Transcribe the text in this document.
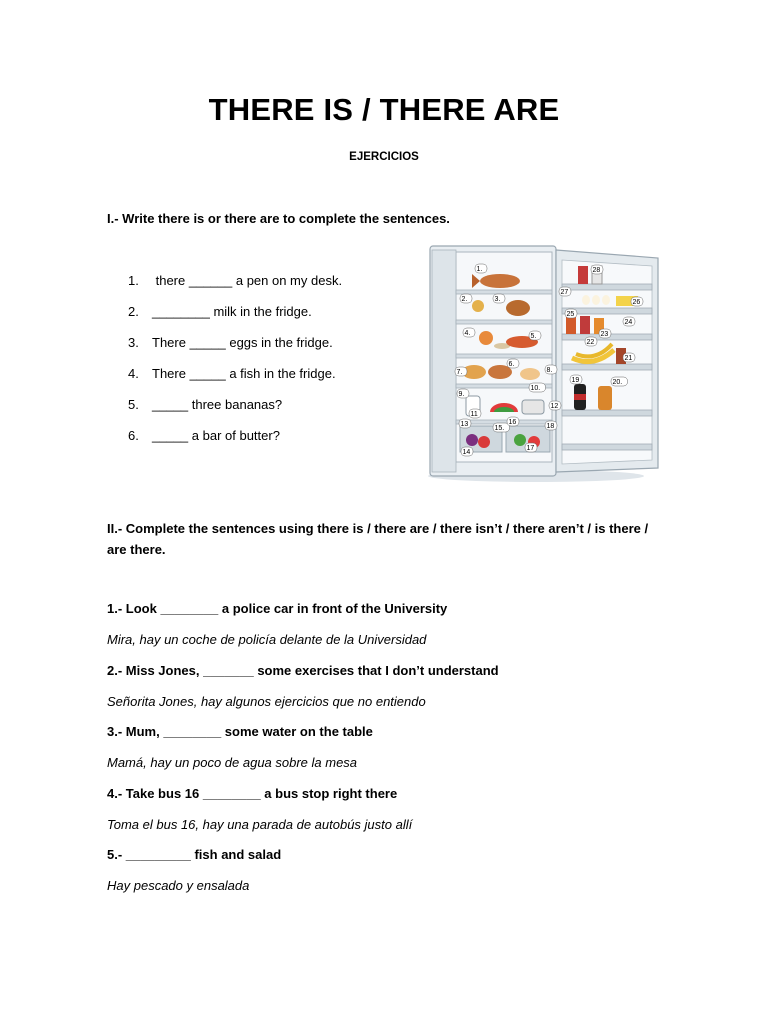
THERE IS / THERE ARE
EJERCICIOS
I.- Write there is or there are to complete the sentences.
1. there ______ a pen on my desk.
2. ________ milk in the fridge.
3. There _____ eggs in the fridge.
4. There _____ a fish in the fridge.
5. _____ three bananas?
6. _____ a bar of butter?
1.
2.	3.
4.	5.
6.
7.	8.
9.
10.
11
12
13
14
15.
16
17
18
19	20.
21
22
23
24
25
26
27
28
II.- Complete the sentences using there is / there are / there isn’t / there aren’t / is there / are there.
1.- Look ________ a police car in front of the University
Mira, hay un coche de policía delante de la Universidad
2.- Miss Jones, _______ some exercises that I don’t understand
Señorita Jones, hay algunos ejercicios que no entiendo
3.- Mum, ________ some water on the table
Mamá, hay un poco de agua sobre la mesa
4.- Take bus 16 ________ a bus stop right there
Toma el bus 16, hay una parada de autobús justo allí
5.- _________ fish and salad
Hay pescado y ensalada
